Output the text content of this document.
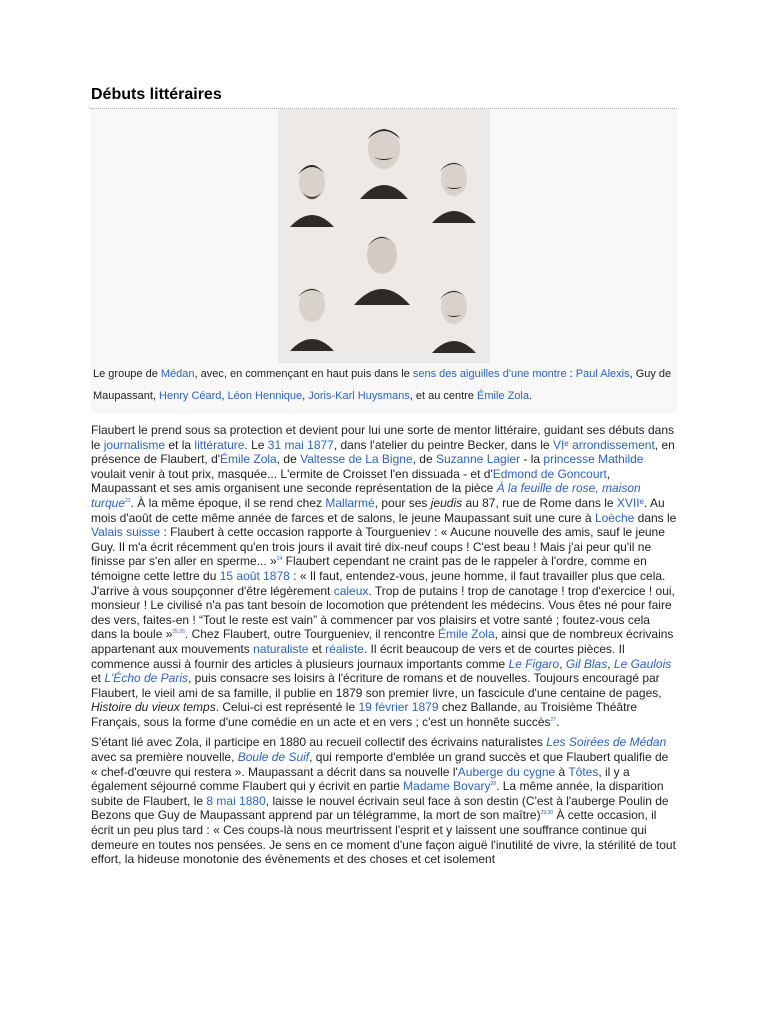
Débuts littéraires
Le groupe de Médan, avec, en commençant en haut puis dans le sens des aiguilles d'une montre : Paul Alexis, Guy de Maupassant, Henry Céard, Léon Hennique, Joris-Karl Huysmans, et au centre Émile Zola.

Flaubert le prend sous sa protection et devient pour lui une sorte de mentor littéraire, guidant ses débuts dans le journalisme et la littérature. Le 31 mai 1877, dans l'atelier du peintre Becker, dans le VIᵉ arrondissement, en présence de Flaubert, d'Émile Zola, de Valtesse de La Bigne, de Suzanne Lagier - la princesse Mathilde voulait venir à tout prix, masquée... L'ermite de Croisset l'en dissuada - et d'Edmond de Goncourt, Maupassant et ses amis organisent une seconde représentation de la pièce À la feuille de rose, maison turque$^{23}$. À la même époque, il se rend chez Mallarmé, pour ses jeudis au 87, rue de Rome dans le XVIIᵉ. Au mois d'août de cette même année de farces et de salons, le jeune Maupassant suit une cure à Loèche dans le Valais suisse : Flaubert à cette occasion rapporte à Tourgueniev : « Aucune nouvelle des amis, sauf le jeune Guy. Il m'a écrit récemment qu'en trois jours il avait tiré dix-neuf coups ! C'est beau ! Mais j'ai peur qu'il ne finisse par s'en aller en sperme... »$^{24}$ Flaubert cependant ne craint pas de le rappeler à l'ordre, comme en témoigne cette lettre du 15 août 1878 : « Il faut, entendez-vous, jeune homme, il faut travailler plus que cela. J'arrive à vous soupçonner d'être légèrement caleux. Trop de putains ! trop de canotage ! trop d'exercice ! oui, monsieur ! Le civilisé n'a pas tant besoin de locomotion que prétendent les médecins. Vous êtes né pour faire des vers, faites-en ! “Tout le reste est vain” à commencer par vos plaisirs et votre santé ; foutez-vous cela dans la boule »$^{25,26}$. Chez Flaubert, outre Tourgueniev, il rencontre Émile Zola, ainsi que de nombreux écrivains appartenant aux mouvements naturaliste et réaliste. Il écrit beaucoup de vers et de courtes pièces. Il commence aussi à fournir des articles à plusieurs journaux importants comme Le Figaro, Gil Blas, Le Gaulois et L'Écho de Paris, puis consacre ses loisirs à l'écriture de romans et de nouvelles. Toujours encouragé par Flaubert, le vieil ami de sa famille, il publie en 1879 son premier livre, un fascicule d'une centaine de pages, Histoire du vieux temps. Celui-ci est représenté le 19 février 1879 chez Ballande, au Troisième Théâtre Français, sous la forme d'une comédie en un acte et en vers ; c'est un honnête succès$^{27}$.

S'étant lié avec Zola, il participe en 1880 au recueil collectif des écrivains naturalistes Les Soirées de Médan avec sa première nouvelle, Boule de Suif, qui remporte d'emblée un grand succès et que Flaubert qualifie de « chef-d'œuvre qui restera ». Maupassant a décrit dans sa nouvelle l'Auberge du cygne à Tôtes, il y a également séjourné comme Flaubert qui y écrivit en partie Madame Bovary$^{28}$. La même année, la disparition subite de Flaubert, le 8 mai 1880, laisse le nouvel écrivain seul face à son destin (C'est à l'auberge Poulin de Bezons que Guy de Maupassant apprend par un télégramme, la mort de son maître)$^{29,30}$ À cette occasion, il écrit un peu plus tard : « Ces coups-là nous meurtrissent l'esprit et y laissent une souffrance continue qui demeure en toutes nos pensées. Je sens en ce moment d'une façon aiguë l'inutilité de vivre, la stérilité de tout effort, la hideuse monotonie des évènements et des choses et cet isolement
